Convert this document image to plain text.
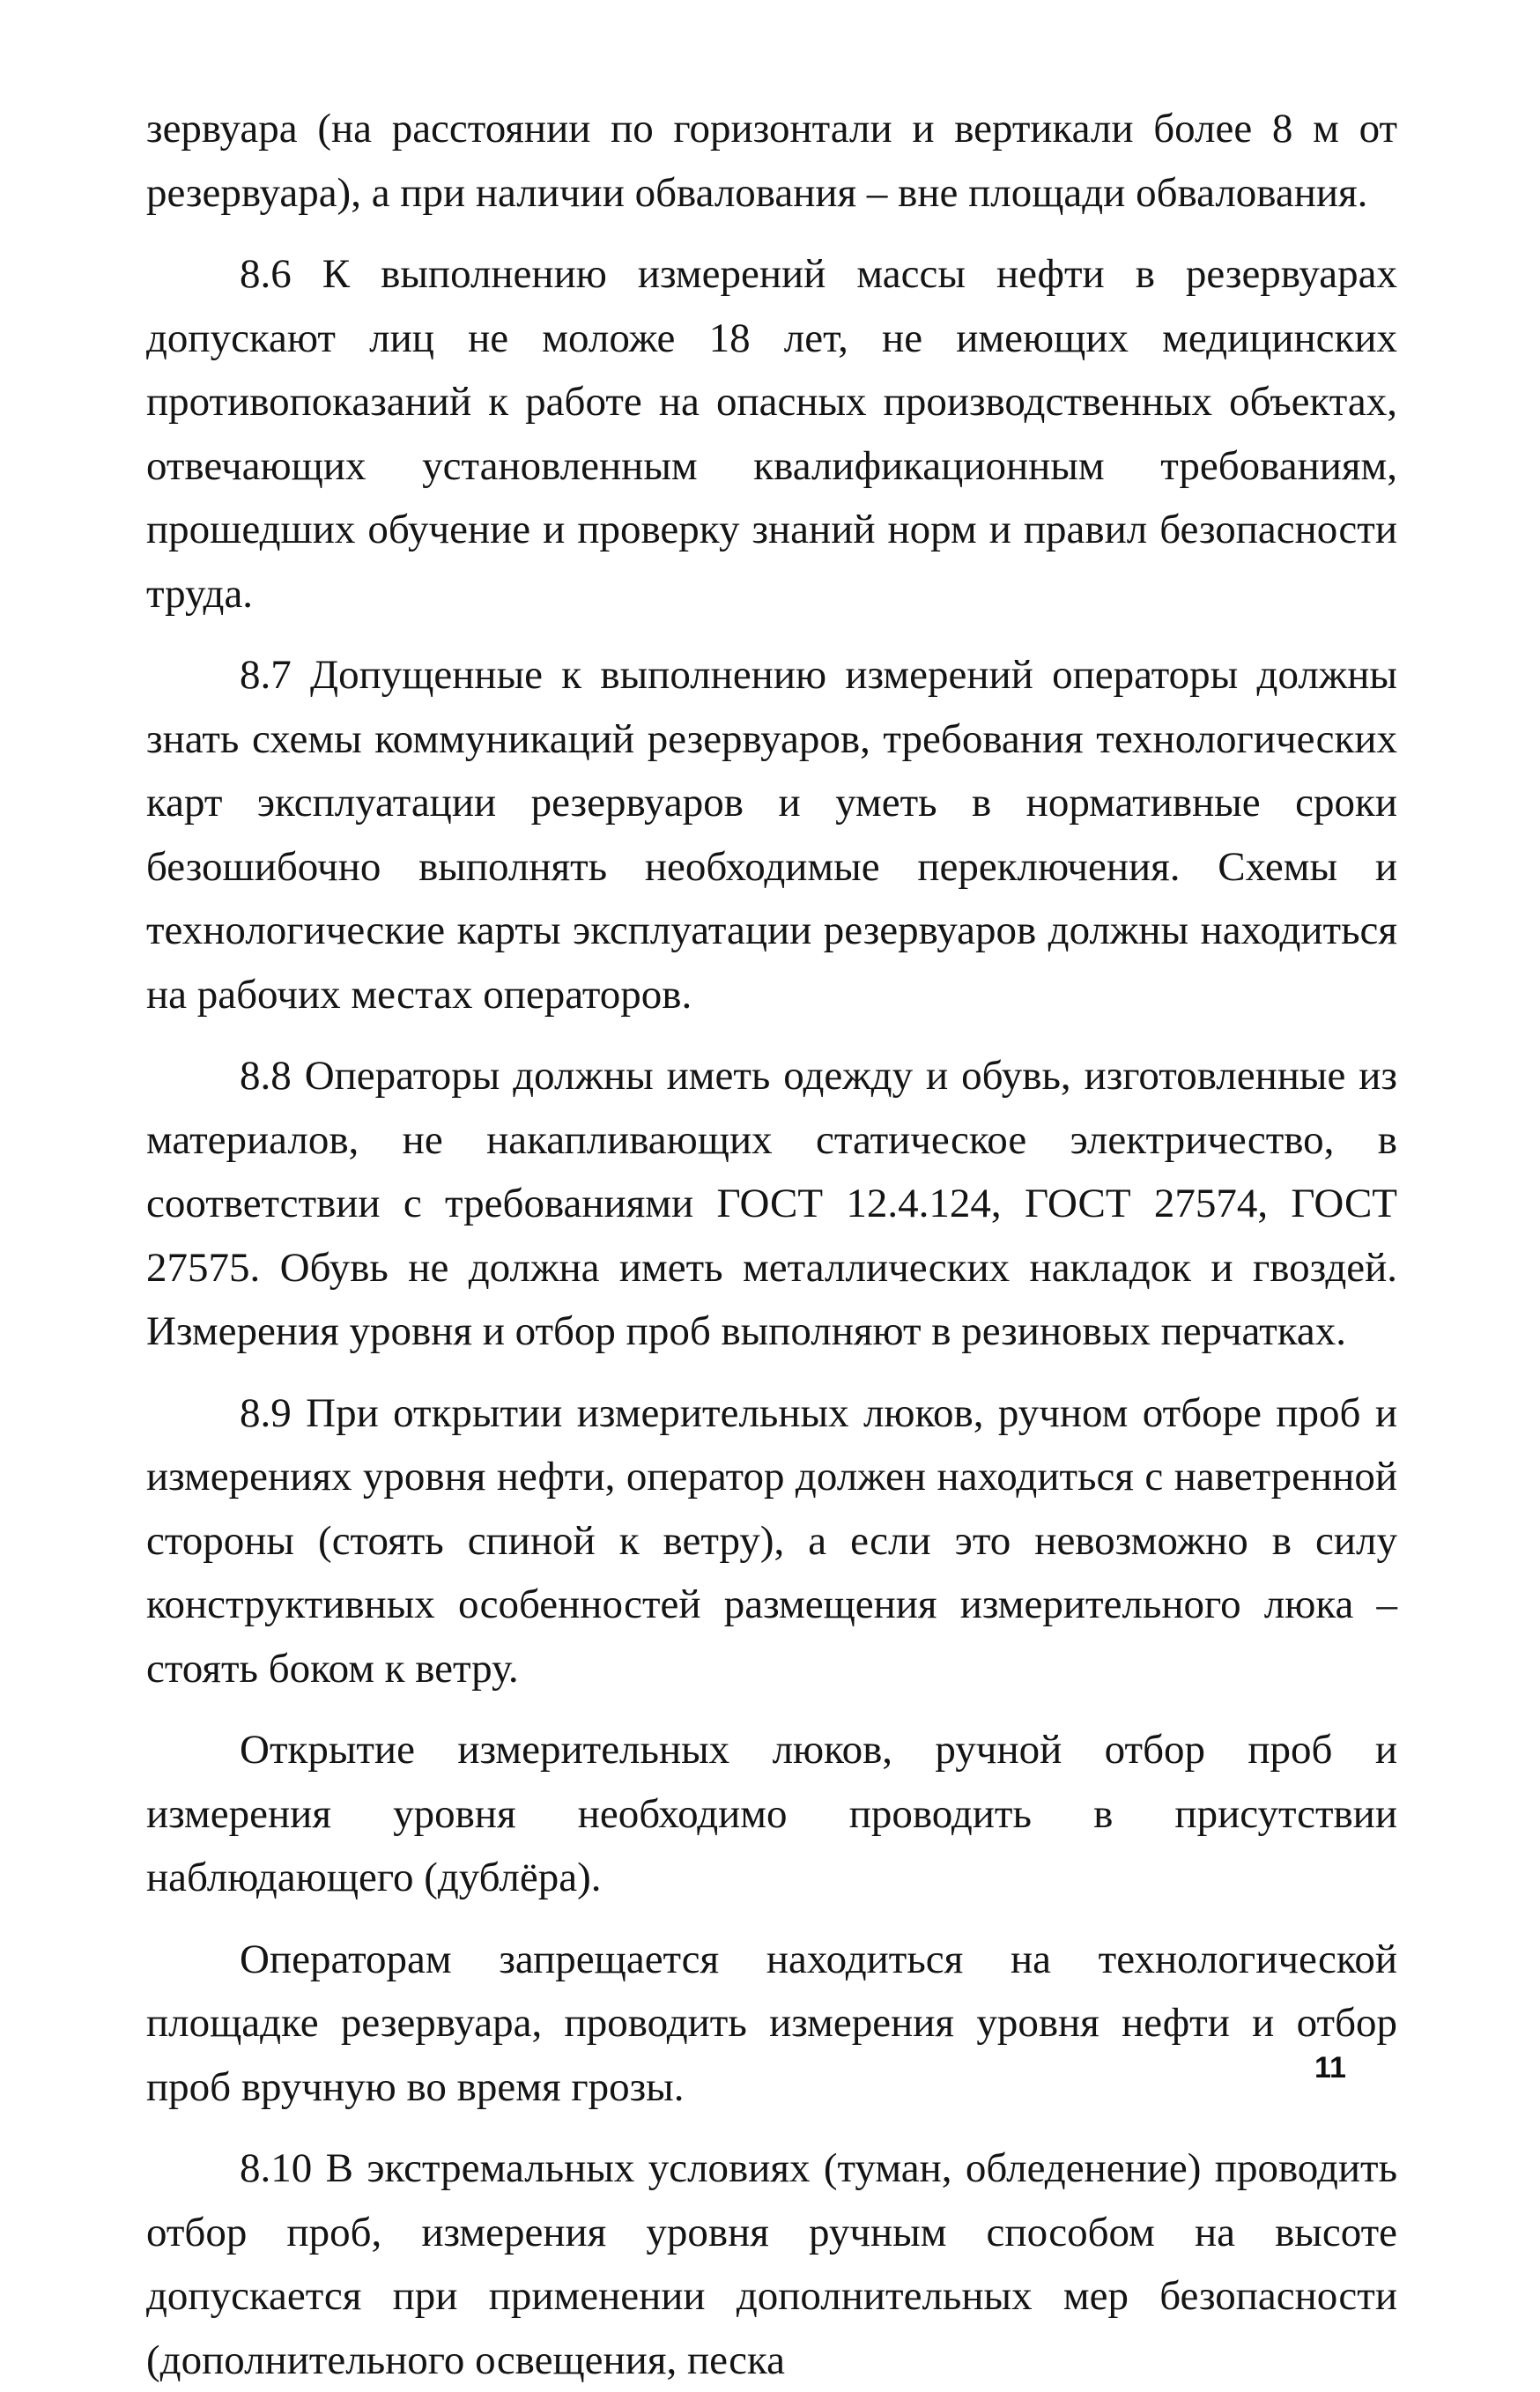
зервуара (на расстоянии по горизонтали и вертикали более 8 м от резервуара), а при наличии обвалования – вне площади обвалования.

8.6 К выполнению измерений массы нефти в резервуарах допускают лиц не моложе 18 лет, не имеющих медицинских противопоказаний к работе на опасных производственных объектах, отвечающих установленным квалификационным требованиям, прошедших обучение и проверку знаний норм и правил безопасности труда.

8.7 Допущенные к выполнению измерений операторы должны знать схемы коммуникаций резервуаров, требования технологических карт эксплуатации резервуаров и уметь в нормативные сроки безошибочно выполнять необходимые переключения. Схемы и технологические карты эксплуатации резервуаров должны находиться на рабочих местах операторов.

8.8 Операторы должны иметь одежду и обувь, изготовленные из материалов, не накапливающих статическое электричество, в соответствии с требованиями ГОСТ 12.4.124, ГОСТ 27574, ГОСТ 27575. Обувь не должна иметь металлических накладок и гвоздей. Измерения уровня и отбор проб выполняют в резиновых перчатках.

8.9 При открытии измерительных люков, ручном отборе проб и измерениях уровня нефти, оператор должен находиться с наветренной стороны (стоять спиной к ветру), а если это невозможно в силу конструктивных особенностей размещения измерительного люка – стоять боком к ветру.

Открытие измерительных люков, ручной отбор проб и измерения уровня необходимо проводить в присутствии наблюдающего (дублёра).

Операторам запрещается находиться на технологической площадке резервуара, проводить измерения уровня нефти и отбор проб вручную во время грозы.

8.10 В экстремальных условиях (туман, обледенение) проводить отбор проб, измерения уровня ручным способом на высоте допускается при применении дополнительных мер безопасности (дополнительного освещения, песка

11
